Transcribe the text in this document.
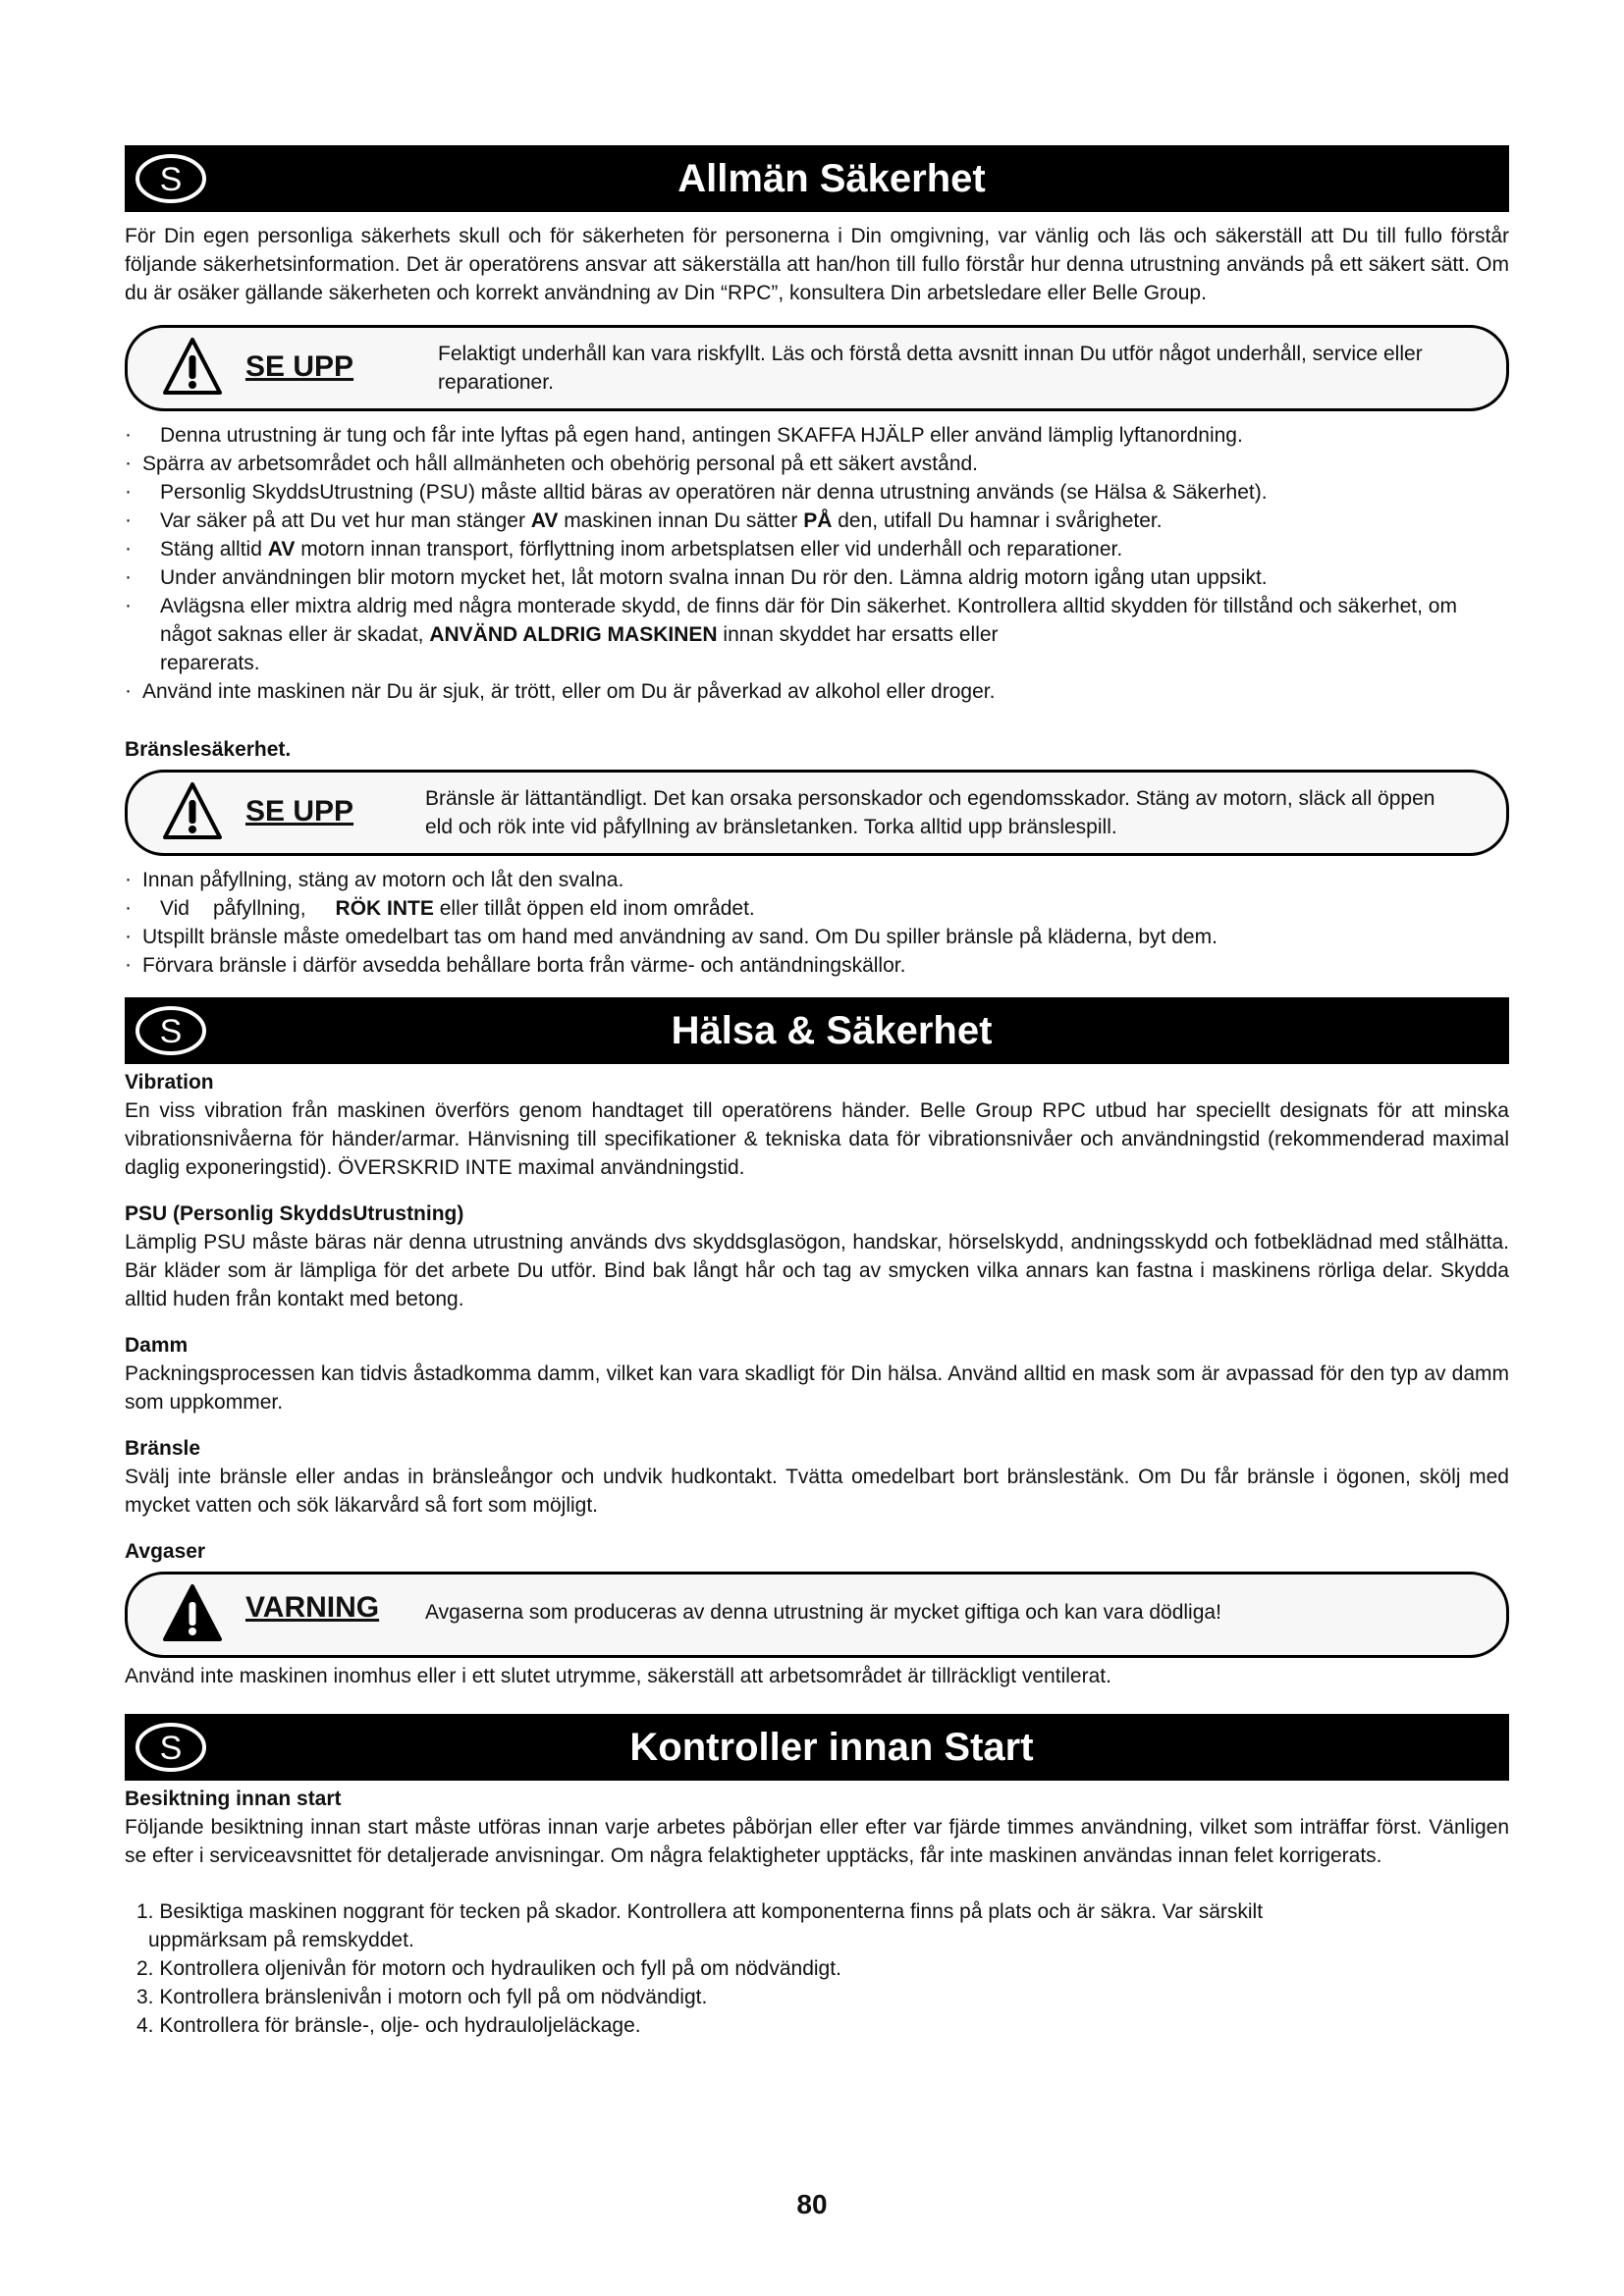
S	Allmän Säkerhet

För Din egen personliga säkerhets skull och för säkerheten för personerna i Din omgivning, var vänlig och läs och säkerställ att Du till fullo förstår följande säkerhetsinformation. Det är operatörens ansvar att säkerställa att han/hon till fullo förstår hur denna utrustning används på ett säkert sätt. Om du är osäker gällande säkerheten och korrekt användning av Din “RPC”, konsultera Din arbetsledare eller Belle Group.

SE UPP	Felaktigt underhåll kan vara riskfyllt. Läs och förstå detta avsnitt innan Du utför något underhåll, service eller reparationer.
· Denna utrustning är tung och får inte lyftas på egen hand, antingen SKAFFA HJÄLP eller använd lämplig lyftanordning.
· Spärra av arbetsområdet och håll allmänheten och obehörig personal på ett säkert avstånd.
· Personlig SkyddsUtrustning (PSU) måste alltid bäras av operatören när denna utrustning används (se Hälsa & Säkerhet).
· Var säker på att Du vet hur man stänger AV maskinen innan Du sätter PÅ den, utifall Du hamnar i svårigheter.
· Stäng alltid AV motorn innan transport, förflyttning inom arbetsplatsen eller vid underhåll och reparationer.
· Under användningen blir motorn mycket het, låt motorn svalna innan Du rör den. Lämna aldrig motorn igång utan uppsikt.
· Avlägsna eller mixtra aldrig med några monterade skydd, de finns där för Din säkerhet. Kontrollera alltid skydden för tillstånd och säkerhet, om något saknas eller är skadat, ANVÄND ALDRIG MASKINEN innan skyddet har ersatts eller
reparerats.
· Använd inte maskinen när Du är sjuk, är trött, eller om Du är påverkad av alkohol eller droger.
Bränslesäkerhet.
SE UPP	Bränsle är lättantändligt. Det kan orsaka personskador och egendomsskador. Stäng av motorn, släck all öppen eld och rök inte vid påfyllning av bränsletanken. Torka alltid upp bränslespill.
· Innan påfyllning, stäng av motorn och låt den svalna.
· Vid påfyllning, RÖK INTE eller tillåt öppen eld inom området.
· Utspillt bränsle måste omedelbart tas om hand med användning av sand. Om Du spiller bränsle på kläderna, byt dem.
· Förvara bränsle i därför avsedda behållare borta från värme- och antändningskällor.
S	Hälsa & Säkerhet
Vibration

En viss vibration från maskinen överförs genom handtaget till operatörens händer. Belle Group RPC utbud har speciellt designats för att minska vibrationsnivåerna för händer/armar. Hänvisning till specifikationer & tekniska data för vibrationsnivåer och användningstid (rekommenderad maximal daglig exponeringstid). ÖVERSKRID INTE maximal användningstid.

PSU (Personlig SkyddsUtrustning)

Lämplig PSU måste bäras när denna utrustning används dvs skyddsglasögon, handskar, hörselskydd, andningsskydd och fotbeklädnad med stålhätta. Bär kläder som är lämpliga för det arbete Du utför. Bind bak långt hår och tag av smycken vilka annars kan fastna i maskinens rörliga delar. Skydda alltid huden från kontakt med betong.

Damm

Packningsprocessen kan tidvis åstadkomma damm, vilket kan vara skadligt för Din hälsa. Använd alltid en mask som är avpassad för den typ av damm som uppkommer.

Bränsle

Svälj inte bränsle eller andas in bränsleångor och undvik hudkontakt. Tvätta omedelbart bort bränslestänk. Om Du får bränsle i ögonen, skölj med mycket vatten och sök läkarvård så fort som möjligt.

Avgaser
VARNING Avgaserna som produceras av denna utrustning är mycket giftiga och kan vara dödliga!

Använd inte maskinen inomhus eller i ett slutet utrymme, säkerställ att arbetsområdet är tillräckligt ventilerat.

S	Kontroller innan Start
Besiktning innan start

Följande besiktning innan start måste utföras innan varje arbetes påbörjan eller efter var fjärde timmes användning, vilket som inträffar först. Vänligen se efter i serviceavsnittet för detaljerade anvisningar. Om några felaktigheter upptäcks, får inte maskinen användas innan felet korrigerats.

1. Besiktiga maskinen noggrant för tecken på skador. Kontrollera att komponenterna finns på plats och är säkra. Var särskilt
uppmärksam på remskyddet.
2. Kontrollera oljenivån för motorn och hydrauliken och fyll på om nödvändigt.
3. Kontrollera bränslenivån i motorn och fyll på om nödvändigt.
4. Kontrollera för bränsle-, olje- och hydrauloljeläckage.
80
